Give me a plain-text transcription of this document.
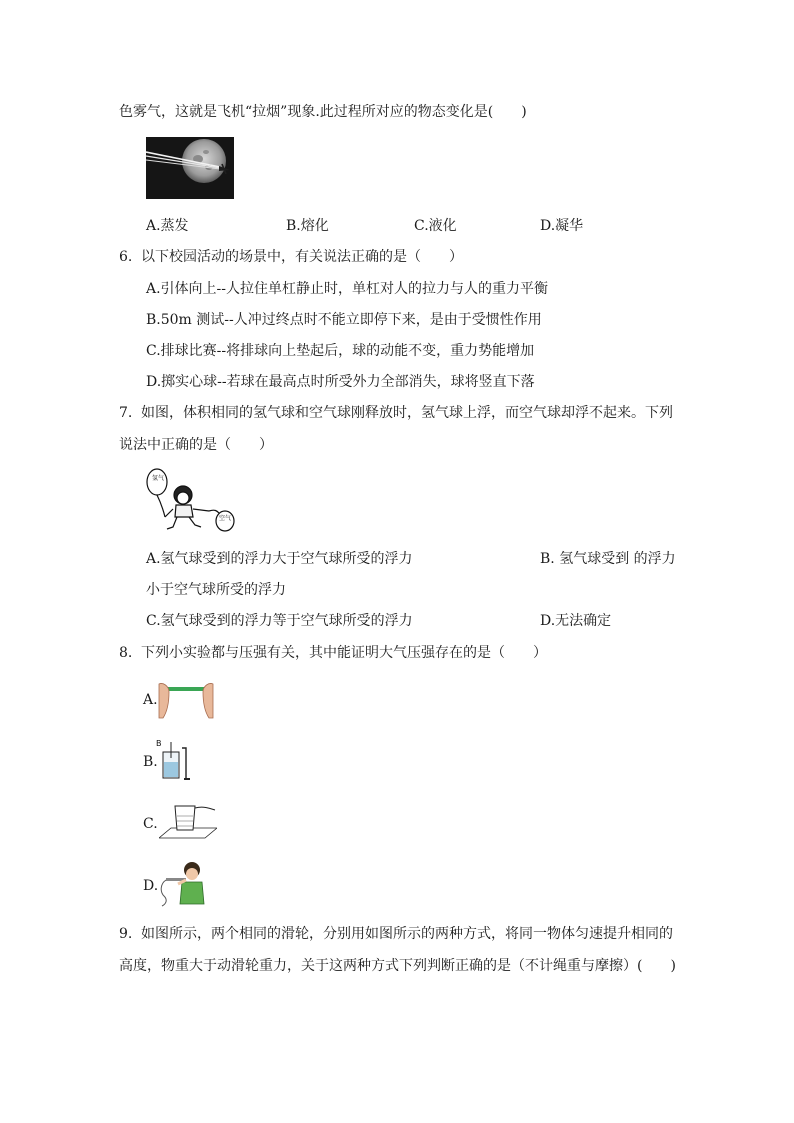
色雾气，这就是飞机“拉烟”现象.此过程所对应的物态变化是(　　)
A.蒸发	B.熔化	C.液化	D.凝华
6. 以下校园活动的场景中，有关说法正确的是（　　）
A.引体向上--人拉住单杠静止时，单杠对人的拉力与人的重力平衡
B.50m 测试--人冲过终点时不能立即停下来，是由于受惯性作用
C.排球比赛--将排球向上垫起后，球的动能不变，重力势能增加
D.掷实心球--若球在最高点时所受外力全部消失，球将竖直下落
7. 如图，体积相同的氢气球和空气球刚释放时，氢气球上浮，而空气球却浮不起来。下列
说法中正确的是（　　）
氢气
空气
A.氢气球受到的浮力大于空气球所受的浮力	B. 氢气球受到 的浮力
小于空气球所受的浮力
C.氢气球受到的浮力等于空气球所受的浮力	D.无法确定
8. 下列小实验都与压强有关，其中能证明大气压强存在的是（　　）
A.
B.
B
C.
D.
9. 如图所示，两个相同的滑轮，分别用如图所示的两种方式，将同一物体匀速提升相同的
高度，物重大于动滑轮重力，关于这两种方式下列判断正确的是（不计绳重与摩擦）(　　)
